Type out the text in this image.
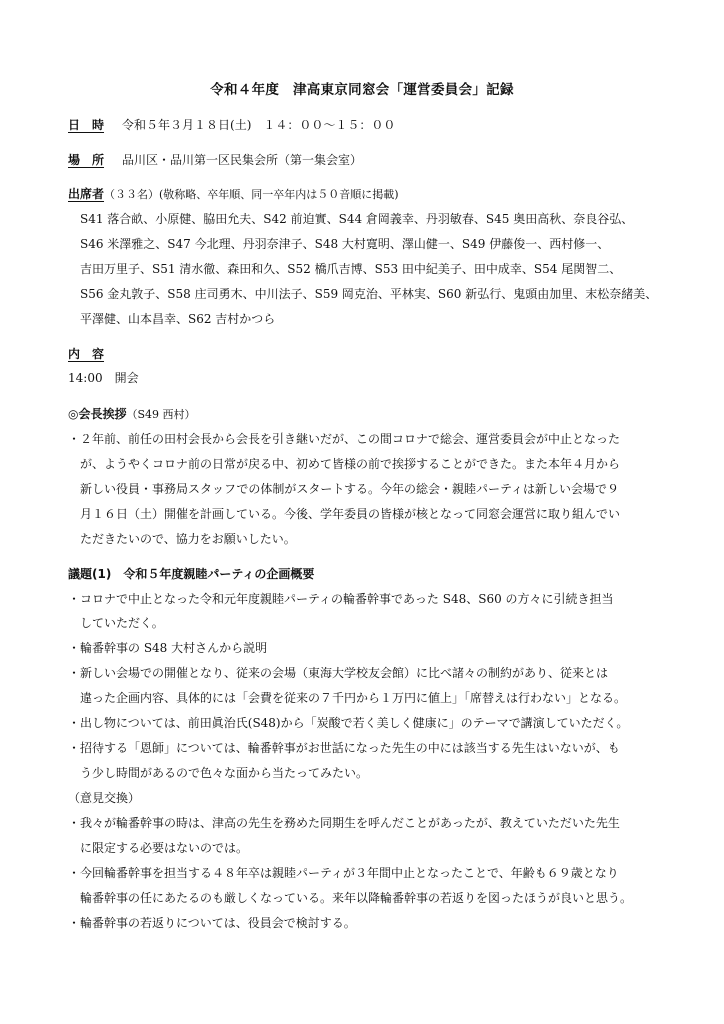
令和４年度　津高東京同窓会「運営委員会」記録
日　時 令和５年３月１８日(土)　１４：００～１５：００
場　所 品川区・品川第一区民集会所（第一集会室）
出席者（３３名）(敬称略、卒年順、同一卒年内は５０音順に掲載)
S41 落合畝、小原健、脇田允夫、S42 前迫實、S44 倉岡義幸、丹羽敏春、S45 奥田高秋、奈良谷弘、
S46 米澤雅之、S47 今北理、丹羽奈津子、S48 大村寛明、澤山健一、S49 伊藤俊一、西村修一、
吉田万里子、S51 清水徹、森田和久、S52 橋爪吉博、S53 田中紀美子、田中成幸、S54 尾関智二、
S56 金丸敦子、S58 庄司勇木、中川法子、S59 岡克治、平林実、S60 新弘行、鬼頭由加里、末松奈緒美、
平澤健、山本昌幸、S62 吉村かつら
内　容
14:00　開会
◎会長挨拶（S49 西村）
・２年前、前任の田村会長から会長を引き継いだが、この間コロナで総会、運営委員会が中止となった
が、ようやくコロナ前の日常が戻る中、初めて皆様の前で挨拶することができた。また本年４月から
新しい役員・事務局スタッフでの体制がスタートする。今年の総会・親睦パーティは新しい会場で９
月１６日（土）開催を計画している。今後、学年委員の皆様が核となって同窓会運営に取り組んでい
ただきたいので、協力をお願いしたい。
議題(1)　令和５年度親睦パーティの企画概要
・コロナで中止となった令和元年度親睦パーティの輪番幹事であった S48、S60 の方々に引続き担当
していただく。
・輪番幹事の S48 大村さんから説明
・新しい会場での開催となり、従来の会場（東海大学校友会館）に比べ諸々の制約があり、従来とは
違った企画内容、具体的には「会費を従来の７千円から１万円に値上」「席替えは行わない」となる。
・出し物については、前田眞治氏(S48)から「炭酸で若く美しく健康に」のテーマで講演していただく。
・招待する「恩師」については、輪番幹事がお世話になった先生の中には該当する先生はいないが、も
う少し時間があるので色々な面から当たってみたい。
（意見交換）
・我々が輪番幹事の時は、津高の先生を務めた同期生を呼んだことがあったが、教えていただいた先生
に限定する必要はないのでは。
・今回輪番幹事を担当する４８年卒は親睦パーティが３年間中止となったことで、年齢も６９歳となり
輪番幹事の任にあたるのも厳しくなっている。来年以降輪番幹事の若返りを図ったほうが良いと思う。
・輪番幹事の若返りについては、役員会で検討する。
